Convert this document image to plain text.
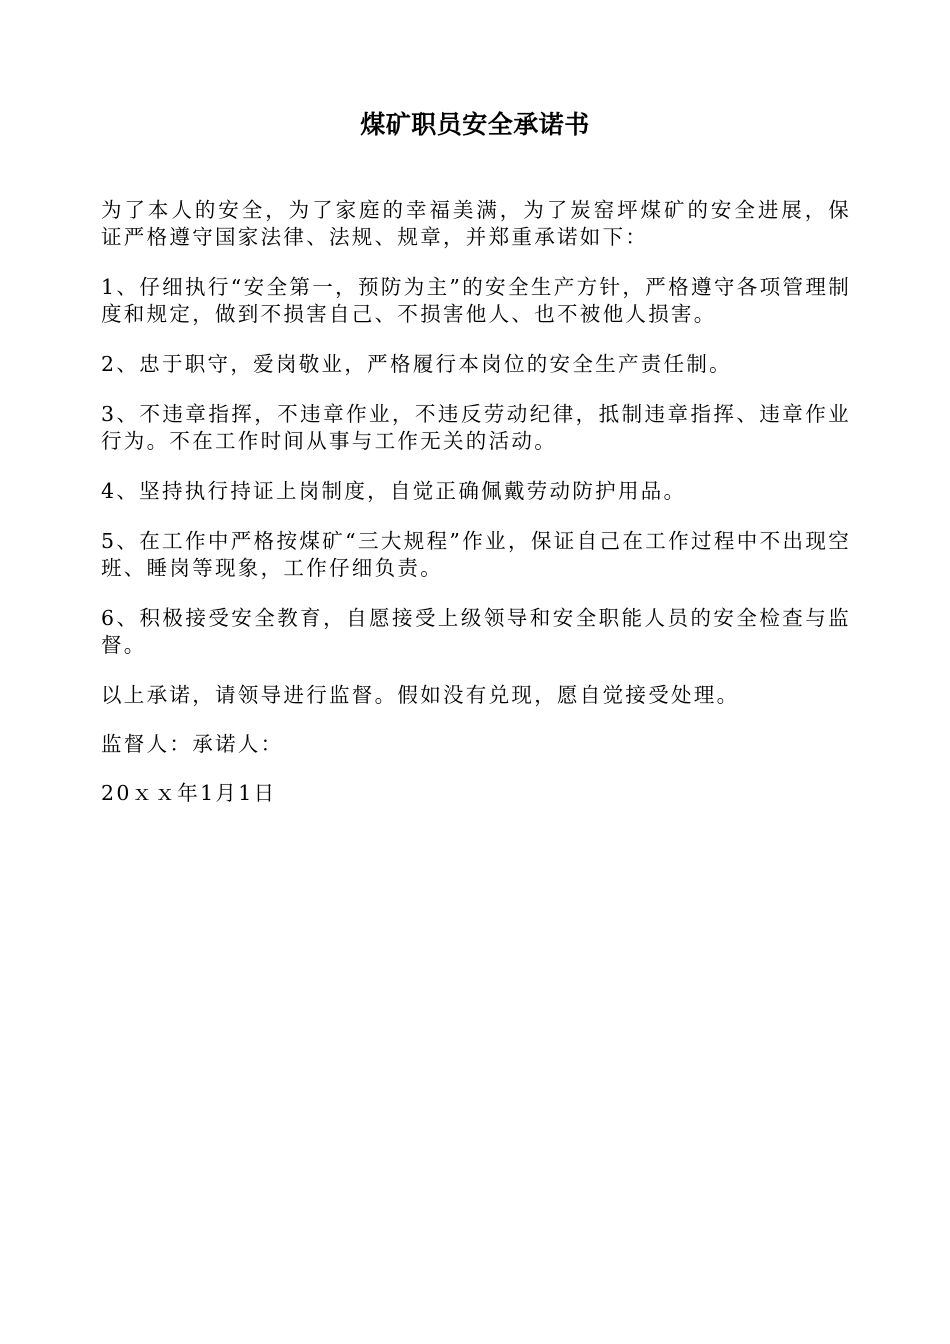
煤矿职员安全承诺书

为了本人的安全，为了家庭的幸福美满，为了炭窑坪煤矿的安全进展，保证严格遵守国家法律、法规、规章，并郑重承诺如下：

1、仔细执行“安全第一，预防为主”的安全生产方针，严格遵守各项管理制度和规定，做到不损害自己、不损害他人、也不被他人损害。

2、忠于职守，爱岗敬业，严格履行本岗位的安全生产责任制。

3、不违章指挥，不违章作业，不违反劳动纪律，抵制违章指挥、违章作业行为。不在工作时间从事与工作无关的活动。

4、坚持执行持证上岗制度，自觉正确佩戴劳动防护用品。

5、在工作中严格按煤矿“三大规程”作业，保证自己在工作过程中不出现空班、睡岗等现象，工作仔细负责。

6、积极接受安全教育，自愿接受上级领导和安全职能人员的安全检查与监督。

以上承诺，请领导进行监督。假如没有兑现，愿自觉接受处理。

监督人：承诺人：

20ｘｘ年1月1日
